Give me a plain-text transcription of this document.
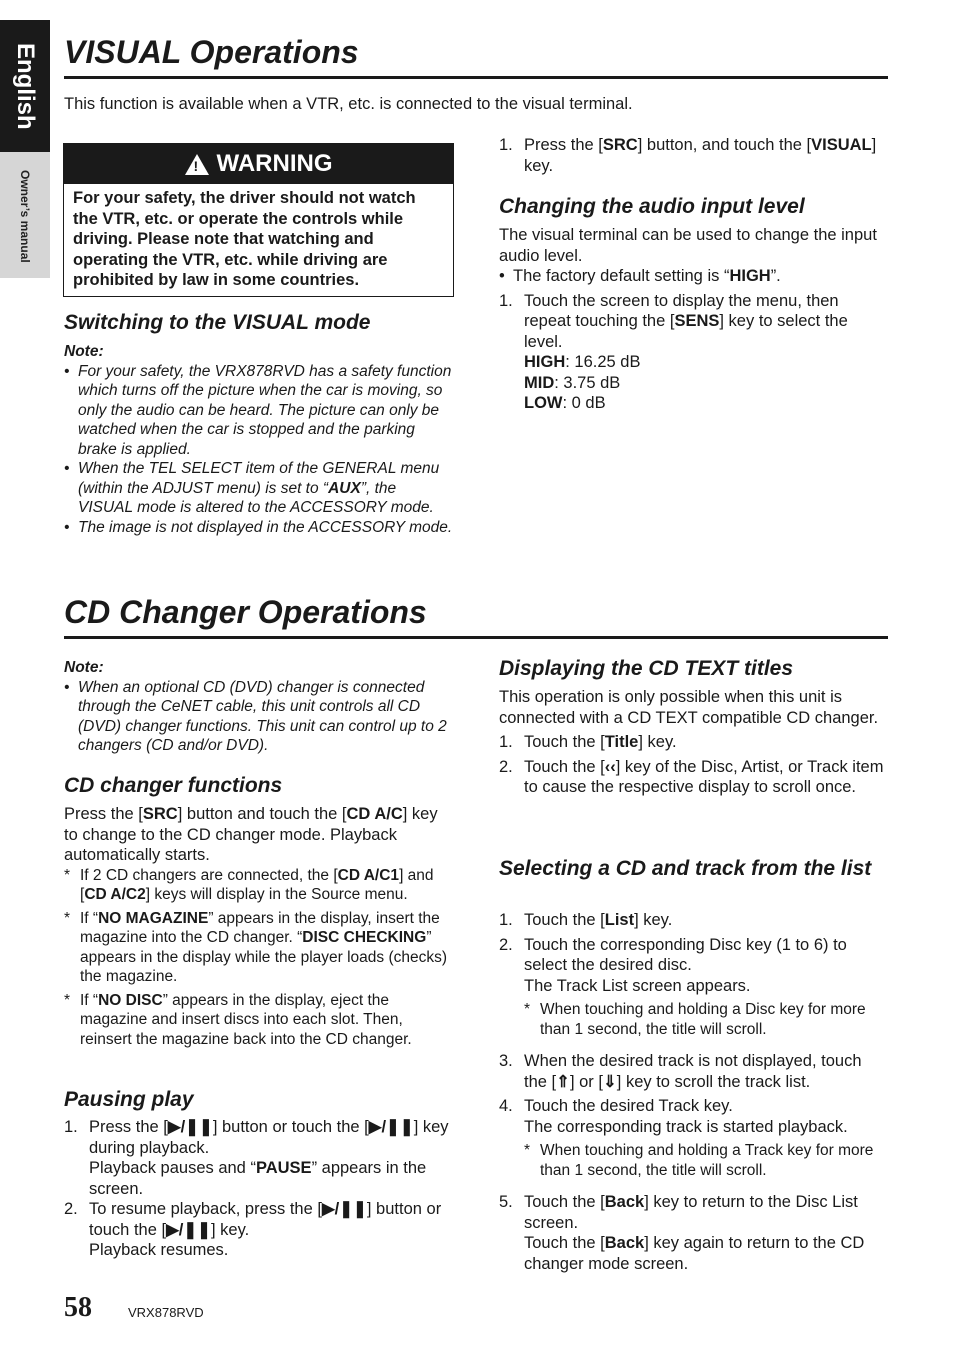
English
Owner’s manual
VISUAL Operations
This function is available when a VTR, etc. is connected to the visual terminal.
! WARNING
For your safety, the driver should not watch the VTR, etc. or operate the controls while driving. Please note that watching and operating the VTR, etc. while driving are prohibited by law in some countries.
Switching to the VISUAL mode
Note:
• For your safety, the VRX878RVD has a safety function which turns off the picture when the car is moving, so only the audio can be heard. The picture can only be watched when the car is stopped and the parking brake is applied.
• When the TEL SELECT item of the GENERAL menu (within the ADJUST menu) is set to “AUX”, the VISUAL mode is altered to the ACCESSORY mode.
• The image is not displayed in the ACCESSORY mode.
1. Press the [SRC] button, and touch the [VISUAL] key.
Changing the audio input level
The visual terminal can be used to change the input audio level.
• The factory default setting is “HIGH”.
1. Touch the screen to display the menu, then repeat touching the [SENS] key to select the level.
HIGH: 16.25 dB
MID: 3.75 dB
LOW: 0 dB
CD Changer Operations
Note:
• When an optional CD (DVD) changer is connected through the CeNET cable, this unit controls all CD (DVD) changer functions. This unit can control up to 2 changers (CD and/or DVD).
CD changer functions
Press the [SRC] button and touch the [CD A/C] key to change to the CD changer mode. Playback automatically starts.
* If 2 CD changers are connected, the [CD A/C1] and [CD A/C2] keys will display in the Source menu.
* If “NO MAGAZINE” appears in the display, insert the magazine into the CD changer. “DISC CHECKING” appears in the display while the player loads (checks) the magazine.
* If “NO DISC” appears in the display, eject the magazine and insert discs into each slot. Then, reinsert the magazine back into the CD changer.
Pausing play
1. Press the [▶/❚❚] button or touch the [▶/❚❚] key during playback.
Playback pauses and “PAUSE” appears in the screen.
2. To resume playback, press the [▶/❚❚] button or touch the [▶/❚❚] key.
Playback resumes.
Displaying the CD TEXT titles
This operation is only possible when this unit is connected with a CD TEXT compatible CD changer.
1. Touch the [Title] key.
2. Touch the [‹‹] key of the Disc, Artist, or Track item to cause the respective display to scroll once.
Selecting a CD and track from the list
1. Touch the [List] key.
2. Touch the corresponding Disc key (1 to 6) to select the desired disc.
The Track List screen appears.
* When touching and holding a Disc key for more than 1 second, the title will scroll.
3. When the desired track is not displayed, touch the [⇑] or [⇓] key to scroll the track list.
4. Touch the desired Track key.
The corresponding track is started playback.
* When touching and holding a Track key for more than 1 second, the title will scroll.
5. Touch the [Back] key to return to the Disc List screen.
Touch the [Back] key again to return to the CD changer mode screen.
58	VRX878RVD
